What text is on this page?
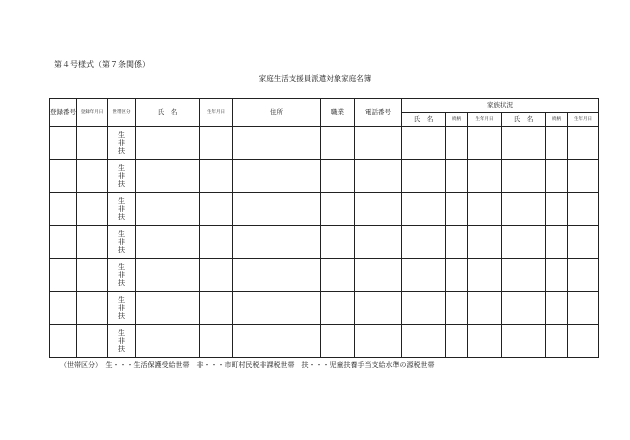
第４号様式（第７条関係）
家庭生活支援員派遣対象家庭名簿
登録番号	登録年月日	世帯区分	氏　名	生年月日	住所	職業	電話番号	家族状況					
								氏　名	続柄	生年月日	氏　名	続柄	生年月日
		生
非
扶											
		生
非
扶											
		生
非
扶											
		生
非
扶											
		生
非
扶											
		生
非
扶											
		生
非
扶											
（世帯区分）　生・・・生活保護受給世帯　非・・・市町村民税非課税世帯　扶・・・児童扶養手当支給水準の源税世帯
